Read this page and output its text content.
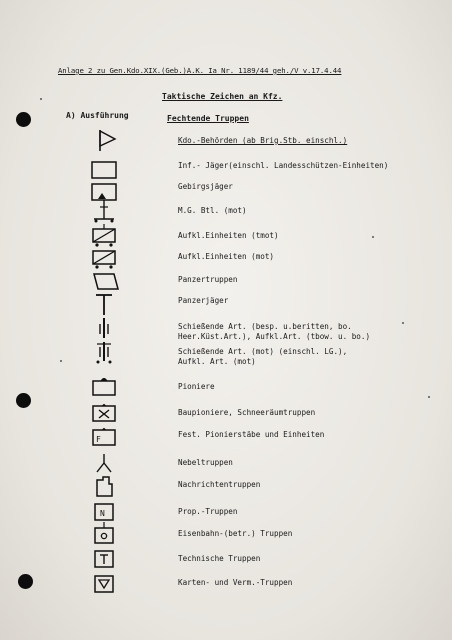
Anlage 2 zu Gen.Kdo.XIX.(Geb.)A.K. Ia Nr. 1189/44 geh./V v.17.4.44
Taktische Zeichen an Kfz.
A) Ausführung	Fechtende Truppen
Kdo.-Behörden (ab Brig.Stb. einschl.)
Inf.- Jäger(einschl. Landesschützen-Einheiten)
Gebirgsjäger
M.G. Btl. (mot)
Aufkl.Einheiten (tmot)
Aufkl.Einheiten (mot)
Panzertruppen
Panzerjäger
Schießende Art. (besp. u.beritten, bo.
Heer.Küst.Art.), Aufkl.Art. (tbow. u. bo.)
Schießende Art. (mot) (einschl. LG.),
Aufkl. Art. (mot)
Pioniere
Baupioniere, Schneeräumtruppen
F
Fest. Pionierstäbe und Einheiten
Nebeltruppen
Nachrichtentruppen
N	Prop.-Truppen
Eisenbahn-(betr.) Truppen
Technische Truppen
Karten- und Verm.-Truppen
